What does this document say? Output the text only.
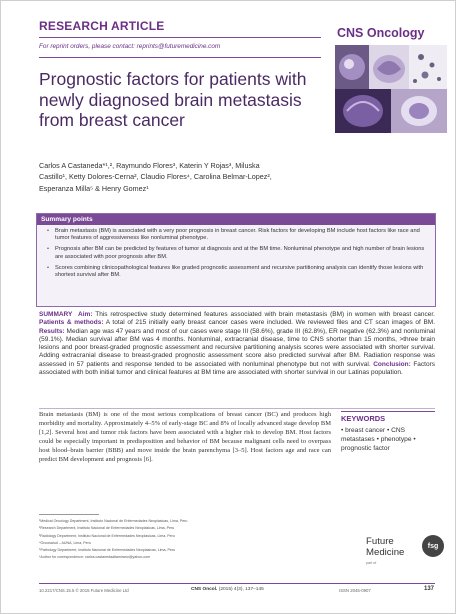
RESEARCH ARTICLE
For reprint orders, please contact: reprints@futuremedicine.com
CNS Oncology
Prognostic factors for patients with newly diagnosed brain metastasis from breast cancer
Carlos A Castaneda*¹,², Raymundo Flores³, Katerin Y Rojas³, Miluska
Castillo¹, Ketty Dolores-Cerna², Claudio Flores⁴, Carolina Belmar-Lopez²,
Esperanza Milla⁵ & Henry Gomez¹
Summary points
• Brain metastasis (BM) is associated with a very poor prognosis in breast cancer. Risk factors for developing BM include host factors like race and tumor features of aggressiveness like nonluminal phenotype.
• Prognosis after BM can be predicted by features of tumor at diagnosis and at the BM time. Nonluminal phenotype and high number of brain lesions are associated with poor prognosis after BM.
• Scores combining clinicopathological features like graded prognostic assessment and recursive partitioning analysis can identify those lesions with shortest survival after BM.
SUMMARY Aim: This retrospective study determined features associated with brain metastasis (BM) in women with breast cancer. Patients & methods: A total of 215 initially early breast cancer cases were included. We reviewed files and CT scan images of BM. Results: Median age was 47 years and most of our cases were stage III (58.6%), grade III (62.8%), ER negative (62.3%) and nonluminal (59.1%). Median survival after BM was 4 months. Nonluminal, extracranial disease, time to CNS shorter than 15 months, >three brain lesions and poor breast-graded prognostic assessment and recursive partitioning analysis scores were associated with shorter survival. Adding extracranial disease to breast-graded prognostic assessment score also predicted survival after BM. Radiation response was assessed in 57 patients and response tended to be associated with nonluminal phenotype but not with survival. Conclusion: Factors associated with both initial tumor and clinical features at BM time are associated with shorter survival in our Latinas population.

Brain metastasis (BM) is one of the most serious complications of breast cancer (BC) and produces high morbidity and mortality. Approximately 4–5% of early-stage BC and 8% of locally advanced stage develop BM [1,2]. Several host and tumor risk factors have been associated with a higher risk to develop BM. Host factors could be especially important in predisposition and behavior of BM because malignant cells need to overpass host blood–brain barrier (BBB) and move inside the brain parenchyma [3–5]. Host factors age and race can predict BM development and prognosis [6].

KEYWORDS
• breast cancer • CNS metastases • phenotype • prognostic factor
¹Medical Oncology Department, Instituto Nacional de Enfermedades Neoplasicas, Lima, Peru
²Research Department, Instituto Nacional de Enfermedades Neoplasicas, Lima, Peru
³Radiology Department, Instituto Nacional de Enfermedades Neoplasicas, Lima, Peru
⁴Oncosalud – AUNA, Lima, Peru
⁵Pathology Department, Instituto Nacional de Enfermedades Neoplasicas, Lima, Peru
*Author for correspondence: carlos.castanedaaltamirano@yahoo.com
Future
Medicine
part of
fsg
10.2217/CNS.15.5 © 2015 Future Medicine Ltd	CNS Oncol. (2015) 4(3), 137–145	ISSN 2045-0907	137
